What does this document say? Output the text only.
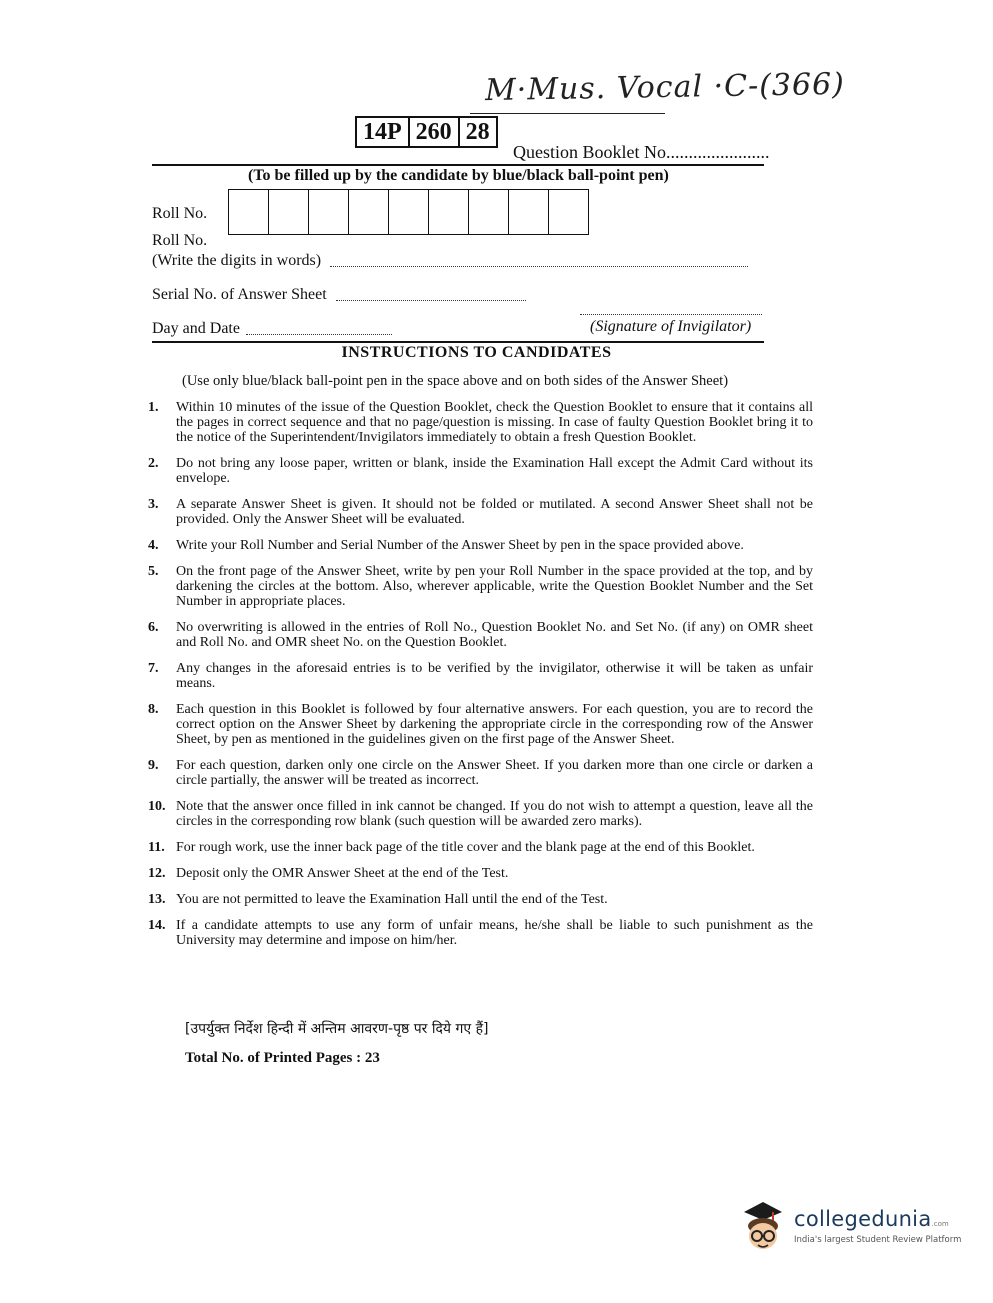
M·Mus. Vocal ·C-(366)
14P 260 28
Question Booklet No.......................
(To be filled up by the candidate by blue/black ball-point pen)
Roll No.
Roll No.
(Write the digits in words)
Serial No. of Answer Sheet
Day and Date	(Signature of Invigilator)
INSTRUCTIONS TO CANDIDATES
(Use only blue/black ball-point pen in the space above and on both sides of the Answer Sheet)
1.	Within 10 minutes of the issue of the Question Booklet, check the Question Booklet to ensure that it contains all the pages in correct sequence and that no page/question is missing. In case of faulty Question Booklet bring it to the notice of the Superintendent/Invigilators immediately to obtain a fresh Question Booklet.
2.	Do not bring any loose paper, written or blank, inside the Examination Hall except the Admit Card without its envelope.
3.	A separate Answer Sheet is given. It should not be folded or mutilated. A second Answer Sheet shall not be provided. Only the Answer Sheet will be evaluated.
4.	Write your Roll Number and Serial Number of the Answer Sheet by pen in the space provided above.
5.	On the front page of the Answer Sheet, write by pen your Roll Number in the space provided at the top, and by darkening the circles at the bottom. Also, wherever applicable, write the Question Booklet Number and the Set Number in appropriate places.
6.	No overwriting is allowed in the entries of Roll No., Question Booklet No. and Set No. (if any) on OMR sheet and Roll No. and OMR sheet No. on the Question Booklet.
7.	Any changes in the aforesaid entries is to be verified by the invigilator, otherwise it will be taken as unfair means.
8.	Each question in this Booklet is followed by four alternative answers. For each question, you are to record the correct option on the Answer Sheet by darkening the appropriate circle in the corresponding row of the Answer Sheet, by pen as mentioned in the guidelines given on the first page of the Answer Sheet.
9.	For each question, darken only one circle on the Answer Sheet. If you darken more than one circle or darken a circle partially, the answer will be treated as incorrect.
10. Note that the answer once filled in ink cannot be changed. If you do not wish to attempt a question, leave all the circles in the corresponding row blank (such question will be awarded zero marks).
11. For rough work, use the inner back page of the title cover and the blank page at the end of this Booklet.
12. Deposit only the OMR Answer Sheet at the end of the Test.
13. You are not permitted to leave the Examination Hall until the end of the Test.
14. If a candidate attempts to use any form of unfair means, he/she shall be liable to such punishment as the University may determine and impose on him/her.
[उपर्युक्त निर्देश हिन्दी में अन्तिम आवरण-पृष्ठ पर दिये गए हैं]
Total No. of Printed Pages : 23
collegedunia.com
India's largest Student Review Platform
